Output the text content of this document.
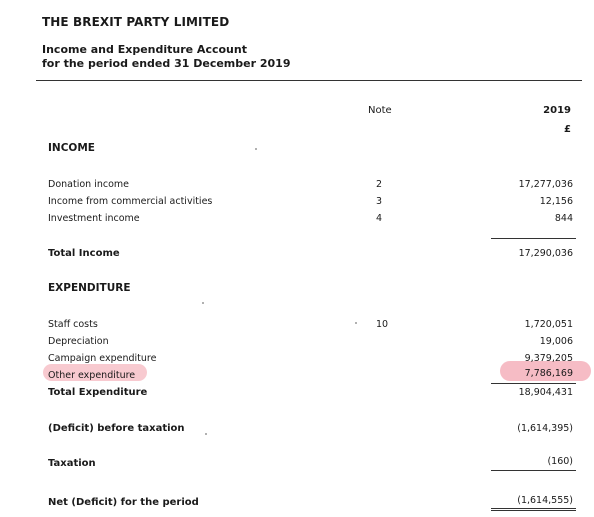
THE BREXIT PARTY LIMITED
Income and Expenditure Account
for the period ended 31 December 2019
Note	2019
£
INCOME
Donation income	2	17,277,036
Income from commercial activities	3	12,156
Investment income	4	844
Total Income	17,290,036
EXPENDITURE
Staff costs	10	1,720,051
Depreciation	19,006
Campaign expenditure	9,379,205
Other expenditure	7,786,169
Total Expenditure	18,904,431
(Deficit) before taxation	(1,614,395)
Taxation	(160)
Net (Deficit) for the period	(1,614,555)
